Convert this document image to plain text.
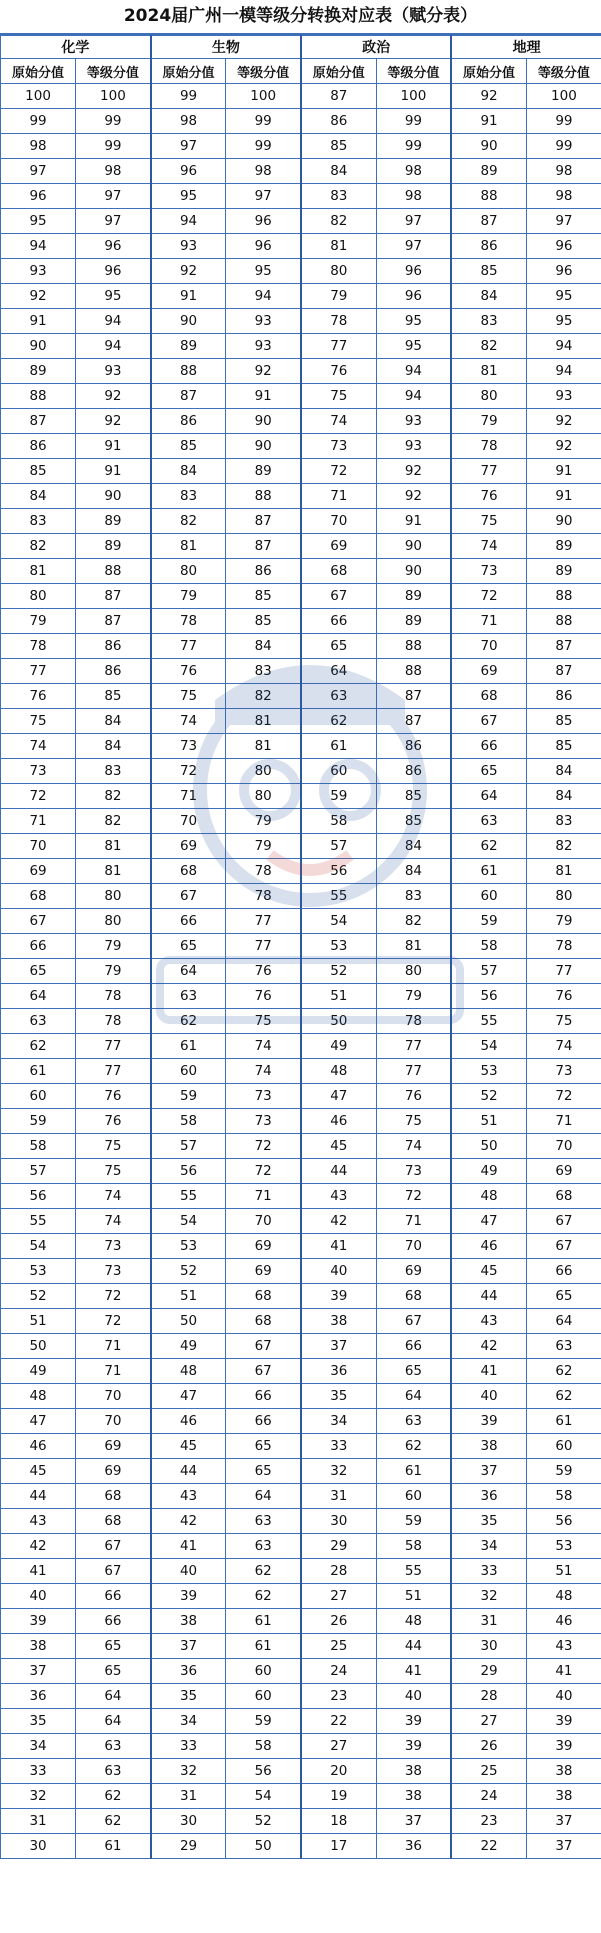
2024届广州一模等级分转换对应表（赋分表）
化学		生物		政治		地理	
原始分值	等级分值	原始分值	等级分值	原始分值	等级分值	原始分值	等级分值
100	100	99	100	87	100	92	100
99	99	98	99	86	99	91	99
98	99	97	99	85	99	90	99
97	98	96	98	84	98	89	98
96	97	95	97	83	98	88	98
95	97	94	96	82	97	87	97
94	96	93	96	81	97	86	96
93	96	92	95	80	96	85	96
92	95	91	94	79	96	84	95
91	94	90	93	78	95	83	95
90	94	89	93	77	95	82	94
89	93	88	92	76	94	81	94
88	92	87	91	75	94	80	93
87	92	86	90	74	93	79	92
86	91	85	90	73	93	78	92
85	91	84	89	72	92	77	91
84	90	83	88	71	92	76	91
83	89	82	87	70	91	75	90
82	89	81	87	69	90	74	89
81	88	80	86	68	90	73	89
80	87	79	85	67	89	72	88
79	87	78	85	66	89	71	88
78	86	77	84	65	88	70	87
77	86	76	83	64	88	69	87
76	85	75	82	63	87	68	86
75	84	74	81	62	87	67	85
74	84	73	81	61	86	66	85
73	83	72	80	60	86	65	84
72	82	71	80	59	85	64	84
71	82	70	79	58	85	63	83
70	81	69	79	57	84	62	82
69	81	68	78	56	84	61	81
68	80	67	78	55	83	60	80
67	80	66	77	54	82	59	79
66	79	65	77	53	81	58	78
65	79	64	76	52	80	57	77
64	78	63	76	51	79	56	76
63	78	62	75	50	78	55	75
62	77	61	74	49	77	54	74
61	77	60	74	48	77	53	73
60	76	59	73	47	76	52	72
59	76	58	73	46	75	51	71
58	75	57	72	45	74	50	70
57	75	56	72	44	73	49	69
56	74	55	71	43	72	48	68
55	74	54	70	42	71	47	67
54	73	53	69	41	70	46	67
53	73	52	69	40	69	45	66
52	72	51	68	39	68	44	65
51	72	50	68	38	67	43	64
50	71	49	67	37	66	42	63
49	71	48	67	36	65	41	62
48	70	47	66	35	64	40	62
47	70	46	66	34	63	39	61
46	69	45	65	33	62	38	60
45	69	44	65	32	61	37	59
44	68	43	64	31	60	36	58
43	68	42	63	30	59	35	56
42	67	41	63	29	58	34	53
41	67	40	62	28	55	33	51
40	66	39	62	27	51	32	48
39	66	38	61	26	48	31	46
38	65	37	61	25	44	30	43
37	65	36	60	24	41	29	41
36	64	35	60	23	40	28	40
35	64	34	59	22	39	27	39
34	63	33	58	27	39	26	39
33	63	32	56	20	38	25	38
32	62	31	54	19	38	24	38
31	62	30	52	18	37	23	37
30	61	29	50	17	36	22	37
